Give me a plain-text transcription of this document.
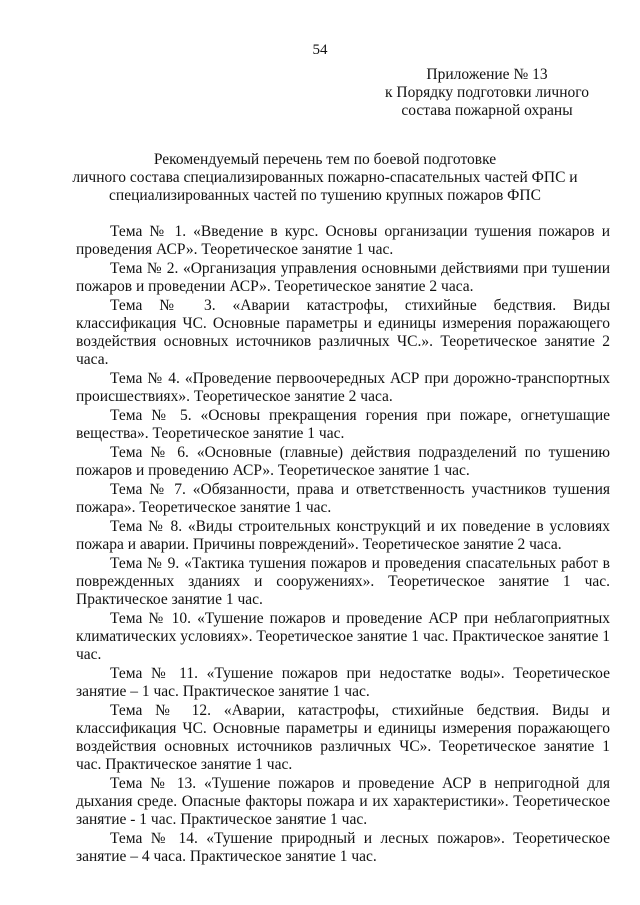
54
Приложение № 13
к Порядку подготовки личного
состава пожарной охраны
Рекомендуемый перечень тем по боевой подготовке
личного состава специализированных пожарно-спасательных частей ФПС и
специализированных частей по тушению крупных пожаров ФПС

Тема № 1. «Введение в курс. Основы организации тушения пожаров и проведения АСР». Теоретическое занятие 1 час.

Тема № 2. «Организация управления основными действиями при тушении пожаров и проведении АСР». Теоретическое занятие 2 часа.

Тема № 3. «Аварии катастрофы, стихийные бедствия. Виды классификация ЧС. Основные параметры и единицы измерения поражающего воздействия основных источников различных ЧС.». Теоретическое занятие 2 часа.

Тема № 4. «Проведение первоочередных АСР при дорожно-транспортных происшествиях». Теоретическое занятие 2 часа.

Тема № 5. «Основы прекращения горения при пожаре, огнетушащие вещества». Теоретическое занятие 1 час.

Тема № 6. «Основные (главные) действия подразделений по тушению пожаров и проведению АСР». Теоретическое занятие 1 час.

Тема № 7. «Обязанности, права и ответственность участников тушения пожара». Теоретическое занятие 1 час.

Тема № 8. «Виды строительных конструкций и их поведение в условиях пожара и аварии. Причины повреждений». Теоретическое занятие 2 часа.

Тема № 9. «Тактика тушения пожаров и проведения спасательных работ в поврежденных зданиях и сооружениях». Теоретическое занятие 1 час. Практическое занятие 1 час.

Тема № 10. «Тушение пожаров и проведение АСР при неблагоприятных климатических условиях». Теоретическое занятие 1 час. Практическое занятие 1 час.

Тема № 11. «Тушение пожаров при недостатке воды». Теоретическое занятие – 1 час. Практическое занятие 1 час.

Тема № 12. «Аварии, катастрофы, стихийные бедствия. Виды и классификация ЧС. Основные параметры и единицы измерения поражающего воздействия основных источников различных ЧС». Теоретическое занятие 1 час. Практическое занятие 1 час.

Тема № 13. «Тушение пожаров и проведение АСР в непригодной для дыхания среде. Опасные факторы пожара и их характеристики». Теоретическое занятие - 1 час. Практическое занятие 1 час.

Тема № 14. «Тушение природный и лесных пожаров». Теоретическое занятие – 4 часа. Практическое занятие 1 час.
